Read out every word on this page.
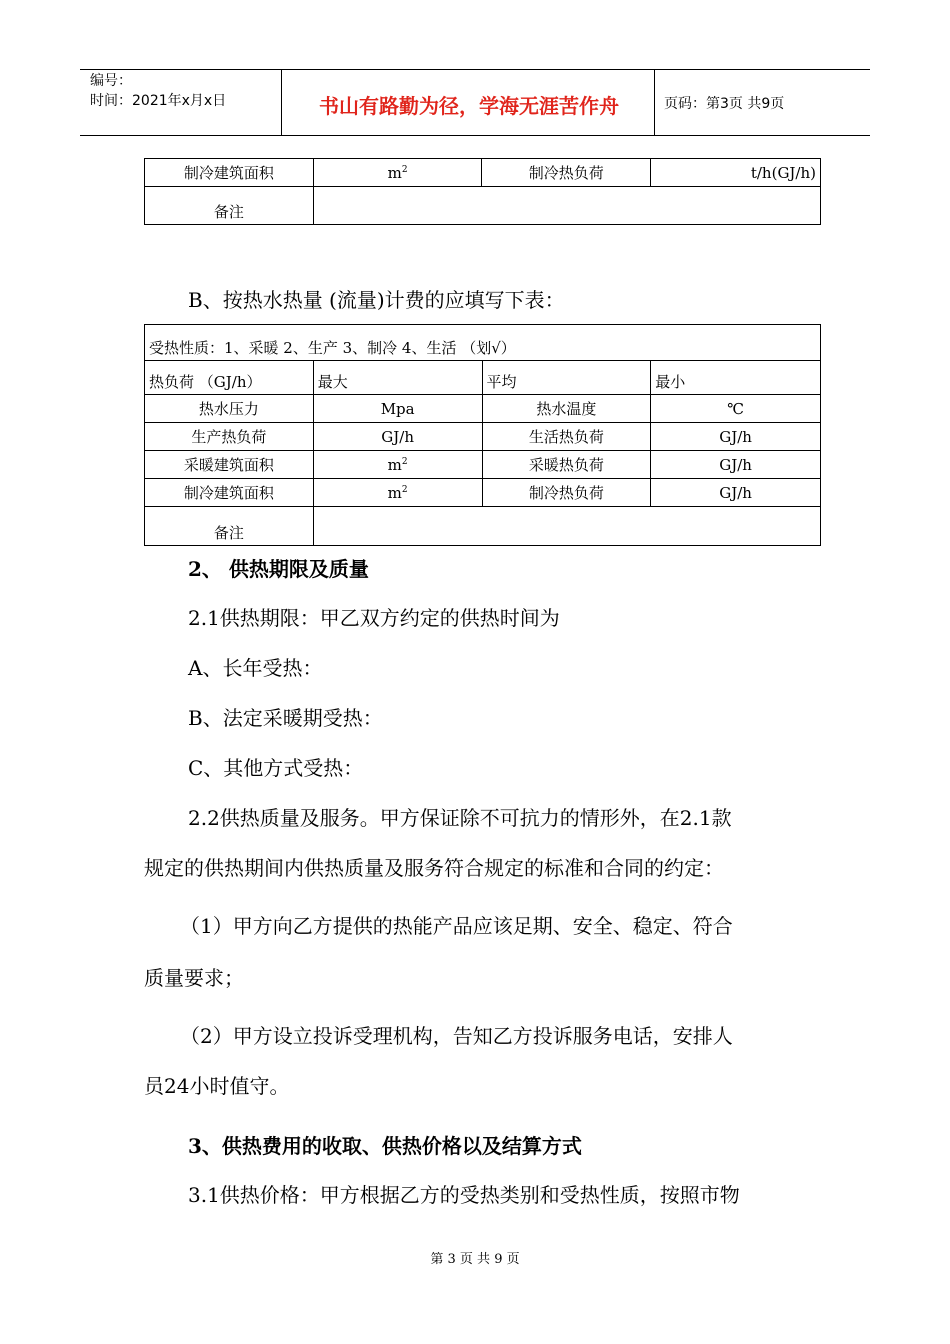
编号：
时间：2021年x月x日	书山有路勤为径，学海无涯苦作舟	页码：第3页 共9页
制冷建筑面积	$m^2$	制冷热负荷	t/h(GJ/h)
备注			
B、按热水热量 (流量)计费的应填写下表：
受热性质：1、采暖 2、生产 3、制冷 4、生活 （划√）			
热负荷 （GJ/h）	最大	平均	最小
热水压力	Mpa	热水温度	℃
生产热负荷	GJ/h	生活热负荷	GJ/h
采暖建筑面积	$m^2$	采暖热负荷	GJ/h
制冷建筑面积	$m^2$	制冷热负荷	GJ/h
备注			
2、 供热期限及质量
2.1供热期限：甲乙双方约定的供热时间为
A、长年受热：
B、法定采暖期受热：
C、其他方式受热：
2.2供热质量及服务。甲方保证除不可抗力的情形外，在2.1款
规定的供热期间内供热质量及服务符合规定的标准和合同的约定：
（1）甲方向乙方提供的热能产品应该足期、安全、稳定、符合
质量要求；
（2）甲方设立投诉受理机构，告知乙方投诉服务电话，安排人
员24小时值守。
3、供热费用的收取、供热价格以及结算方式
3.1供热价格：甲方根据乙方的受热类别和受热性质，按照市物
第 3 页 共 9 页
